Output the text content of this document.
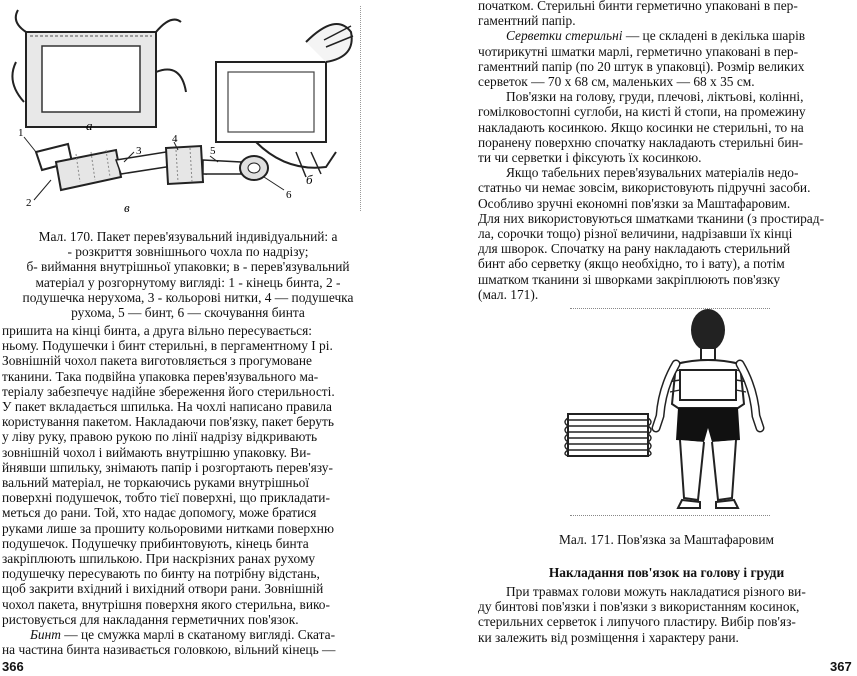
а
б
в
1
2
3
4
5
6

Мал. 170. Пакет перев'язувальний індивідуальний: а

- розкриття зовнішнього чохла по надрізу;

б- виймання внутрішньої упаковки; в - перев'язувальний

матеріал у розгорнутому вигляді: 1 - кінець бинта, 2 -

подушечка нерухома, 3 - кольорові нитки, 4 — подушечка

рухома, 5 — бинт, 6 — скочування бинта

пришита на кінці бинта, а друга вільно пересувається:

ньому. Подушечки і бинт стерильні, в пергаментному І рі.

Зовнішній чохол пакета виготовляється з прогумоване

тканини. Така подвійна упаковка перев'язувального ма-

теріалу забезпечує надійне збереження його стерильності.

У пакет вкладається шпилька. На чохлі написано правила

користування пакетом. Накладаючи пов'язку, пакет беруть

у ліву руку, правою рукою по лінії надрізу відкривають

зовнішній чохол і виймають внутрішню упаковку. Ви-

йнявши шпильку, знімають папір і розгортають перев'язу-

вальний матеріал, не торкаючись руками внутрішньої

поверхні подушечок, тобто тієї поверхні, що прикладати-

меться до рани. Той, хто надає допомогу, може братися

руками лише за прошиту кольоровими нитками поверхню

подушечок. Подушечку прибинтовують, кінець бинта

закріплюють шпилькою. При наскрізних ранах рухому

подушечку пересувають по бинту на потрібну відстань,

щоб закрити вхідний і вихідний отвори рани. Зовнішній

чохол пакета, внутрішня поверхня якого стерильна, вико-

ристовується для накладання герметичних пов'язок.

Бинт — це смужка марлі в скатаному вигляді. Ската-

на частина бинта називається головкою, вільний кінець —

366

початком. Стерильні бинти герметично упаковані в пер-

гаментний папір.

Серветки стерильні — це складені в декілька шарів

чотирикутні шматки марлі, герметично упаковані в пер-

гаментний папір (по 20 штук в упаковці). Розмір великих

серветок — 70 х 68 см, маленьких — 68 х 35 см.

Пов'язки на голову, груди, плечові, ліктьові, колінні,

гомілковостопні суглоби, на кисті й стопи, на промежину

накладають косинкою. Якщо косинки не стерильні, то на

поранену поверхню спочатку накладають стерильні бин-

ти чи серветки і фіксують їх косинкою.

Якщо табельних перев'язувальних матеріалів недо-

статньо чи немає зовсім, використовують підручні засоби.

Особливо зручні економні пов'язки за Маштафаровим.

Для них використовуються шматками тканини (з простирад-

ла, сорочки тощо) різної величини, надрізавши їх кінці

для шворок. Спочатку на рану накладають стерильний

бинт або серветку (якщо необхідно, то і вату), а потім

шматком тканини зі шворками закріплюють пов'язку

(мал. 171).

Мал. 171. Пов'язка за Маштафаровим

Накладання пов'язок на голову і груди

При травмах голови можуть накладатися різного ви-

ду бинтові пов'язки і пов'язки з використанням косинок,

стерильних серветок і липучого пластиру. Вибір пов'яз-

ки залежить від розміщення і характеру рани.

367
